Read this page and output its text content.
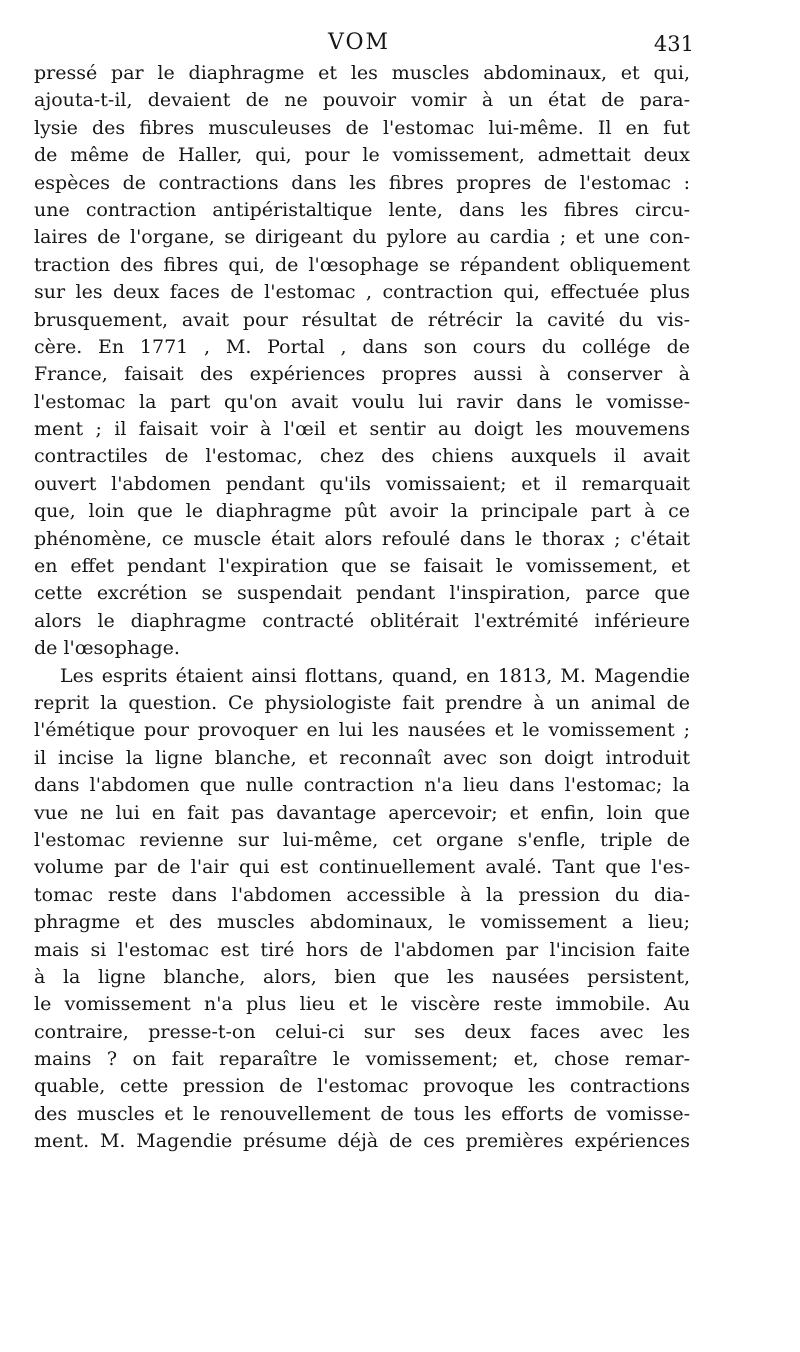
VOM	431
pressé par le diaphragme et les muscles abdominaux, et qui,
ajouta-t-il, devaient de ne pouvoir vomir à un état de para-
lysie des fibres musculeuses de l'estomac lui-même. Il en fut
de même de Haller, qui, pour le vomissement, admettait deux
espèces de contractions dans les fibres propres de l'estomac :
une contraction antipéristaltique lente, dans les fibres circu-
laires de l'organe, se dirigeant du pylore au cardia ; et une con-
traction des fibres qui, de l'œsophage se répandent obliquement
sur les deux faces de l'estomac , contraction qui, effectuée plus
brusquement, avait pour résultat de rétrécir la cavité du vis-
cère. En 1771 , M. Portal , dans son cours du collége de
France, faisait des expériences propres aussi à conserver à
l'estomac la part qu'on avait voulu lui ravir dans le vomisse-
ment ; il faisait voir à l'œil et sentir au doigt les mouvemens
contractiles de l'estomac, chez des chiens auxquels il avait
ouvert l'abdomen pendant qu'ils vomissaient; et il remarquait
que, loin que le diaphragme pût avoir la principale part à ce
phénomène, ce muscle était alors refoulé dans le thorax ; c'était
en effet pendant l'expiration que se faisait le vomissement, et
cette excrétion se suspendait pendant l'inspiration, parce que
alors le diaphragme contracté oblitérait l'extrémité inférieure
de l'œsophage.
Les esprits étaient ainsi flottans, quand, en 1813, M. Magendie
reprit la question. Ce physiologiste fait prendre à un animal de
l'émétique pour provoquer en lui les nausées et le vomissement ;
il incise la ligne blanche, et reconnaît avec son doigt introduit
dans l'abdomen que nulle contraction n'a lieu dans l'estomac; la
vue ne lui en fait pas davantage apercevoir; et enfin, loin que
l'estomac revienne sur lui-même, cet organe s'enfle, triple de
volume par de l'air qui est continuellement avalé. Tant que l'es-
tomac reste dans l'abdomen accessible à la pression du dia-
phragme et des muscles abdominaux, le vomissement a lieu;
mais si l'estomac est tiré hors de l'abdomen par l'incision faite
à la ligne blanche, alors, bien que les nausées persistent,
le vomissement n'a plus lieu et le viscère reste immobile. Au
contraire, presse-t-on celui-ci sur ses deux faces avec les
mains ? on fait reparaître le vomissement; et, chose remar-
quable, cette pression de l'estomac provoque les contractions
des muscles et le renouvellement de tous les efforts de vomisse-
ment. M. Magendie présume déjà de ces premières expériences
